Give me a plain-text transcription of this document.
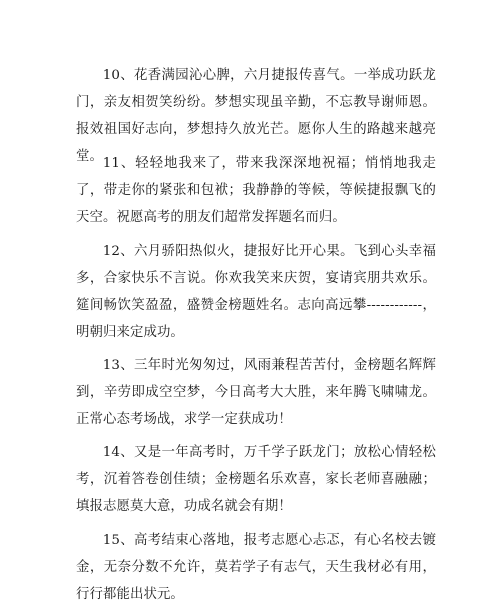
10、花香满园沁心脾，六月捷报传喜气。一举成功跃龙门，亲友相贺笑纷纷。梦想实现虽辛勤，不忘教导谢师恩。报效祖国好志向，梦想持久放光芒。愿你人生的路越来越亮堂。 11、轻轻地我来了，带来我深深地祝福；悄悄地我走了，带走你的紧张和包袱；我静静的等候，等候捷报飘飞的天空。祝愿高考的朋友们超常发挥题名而归。

12、六月骄阳热似火，捷报好比开心果。飞到心头幸福多，合家快乐不言说。你欢我笑来庆贺，宴请宾朋共欢乐。筵间畅饮笑盈盈，盛赞金榜题姓名。志向高远攀------------，明朝归来定成功。

13、三年时光匆匆过，风雨兼程苦苦付，金榜题名辉辉到，辛劳即成空空梦，今日高考大大胜，来年腾飞啸啸龙。正常心态考场战，求学一定获成功！

14、又是一年高考时，万千学子跃龙门；放松心情轻松考，沉着答卷创佳绩；金榜题名乐欢喜，家长老师喜融融；填报志愿莫大意，功成名就会有期！

15、高考结束心落地，报考志愿心忐忑，有心名校去镀金，无奈分数不允许，莫若学子有志气，天生我材必有用，行行都能出状元。
